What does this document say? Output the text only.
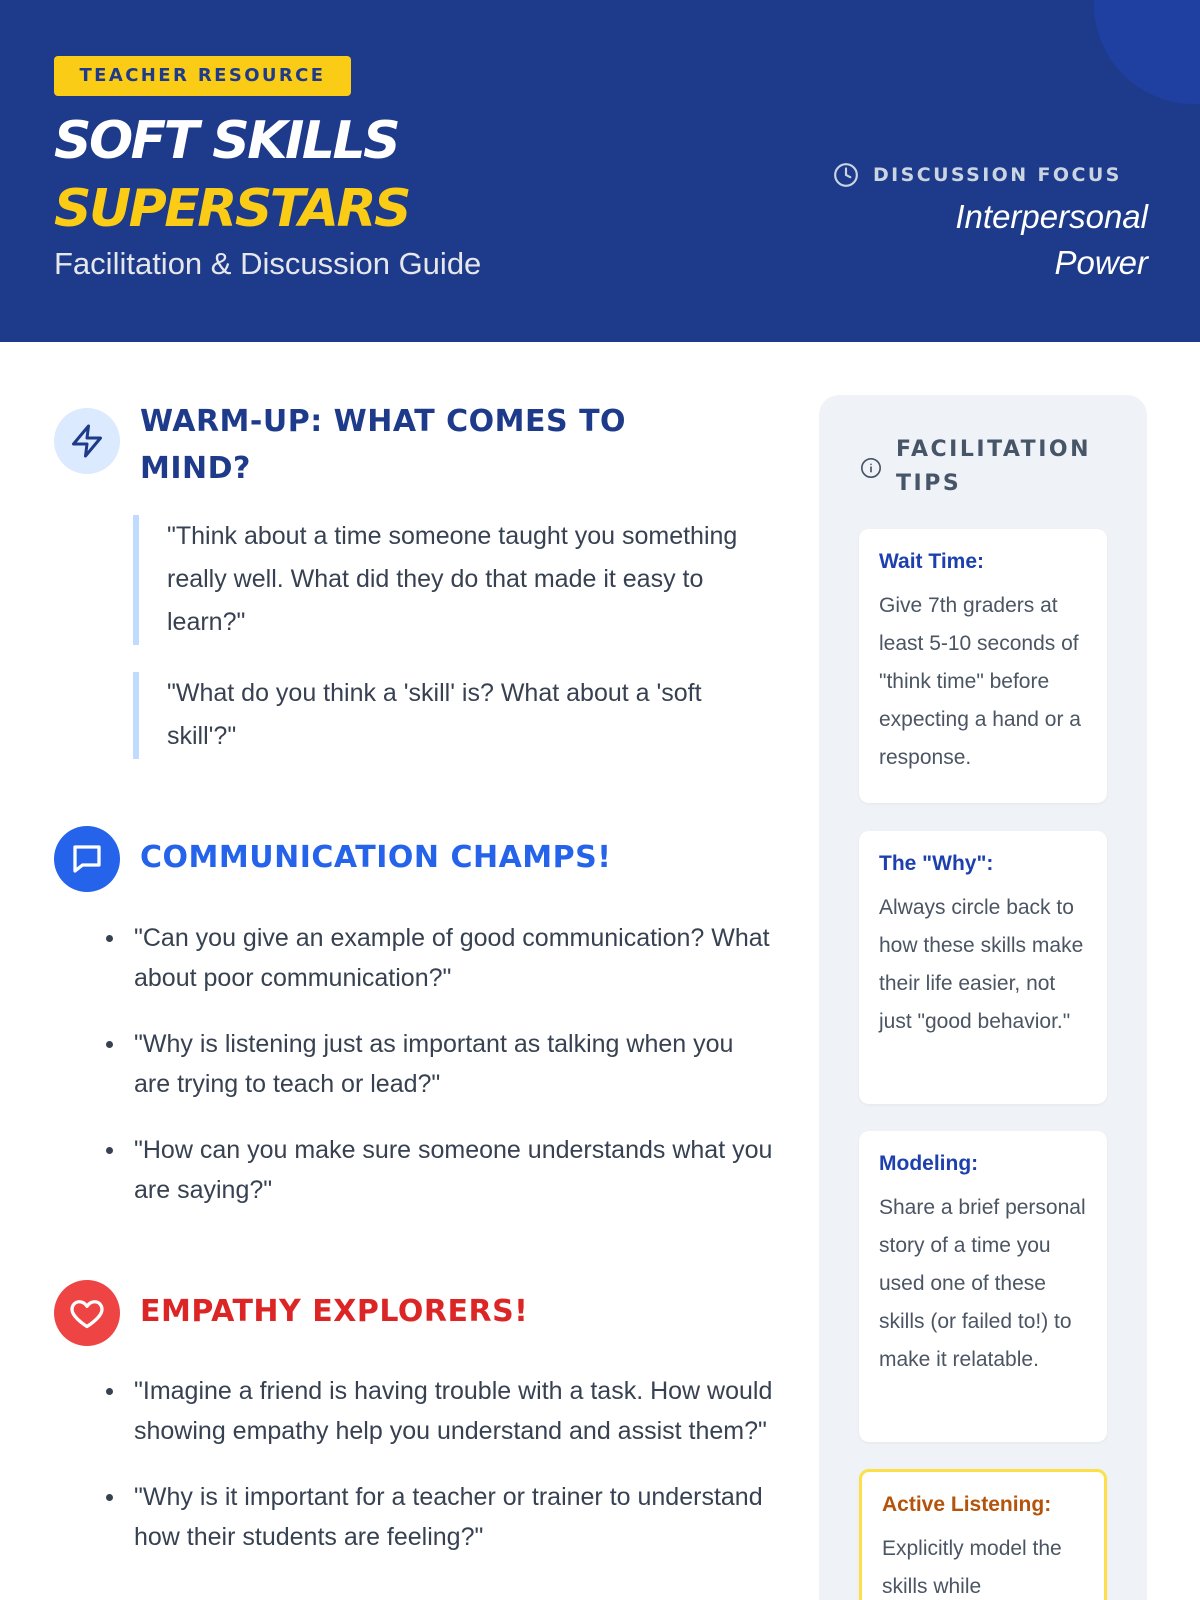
TEACHER RESOURCE
SOFT SKILLS
SUPERSTARS
Facilitation & Discussion Guide
DISCUSSION FOCUS
Interpersonal
Power
WARM-UP: WHAT COMES TO
MIND?
"Think about a time someone taught you something really well. What did they do that made it easy to learn?"
"What do you think a 'skill' is? What about a 'soft skill'?"
COMMUNICATION CHAMPS!
"Can you give an example of good communication? What about poor communication?"
"Why is listening just as important as talking when you are trying to teach or lead?"
"How can you make sure someone understands what you are saying?"
EMPATHY EXPLORERS!
"Imagine a friend is having trouble with a task. How would showing empathy help you understand and assist them?"
"Why is it important for a teacher or trainer to understand how their students are feeling?"
FACILITATION
TIPS
Wait Time:
Give 7th graders at least 5-10 seconds of "think time" before expecting a hand or a response.
The "Why":
Always circle back to how these skills make their life easier, not just "good behavior."
Modeling:
Share a brief personal story of a time you used one of these skills (or failed to!) to make it relatable.
Active Listening:
Explicitly model the skills while
